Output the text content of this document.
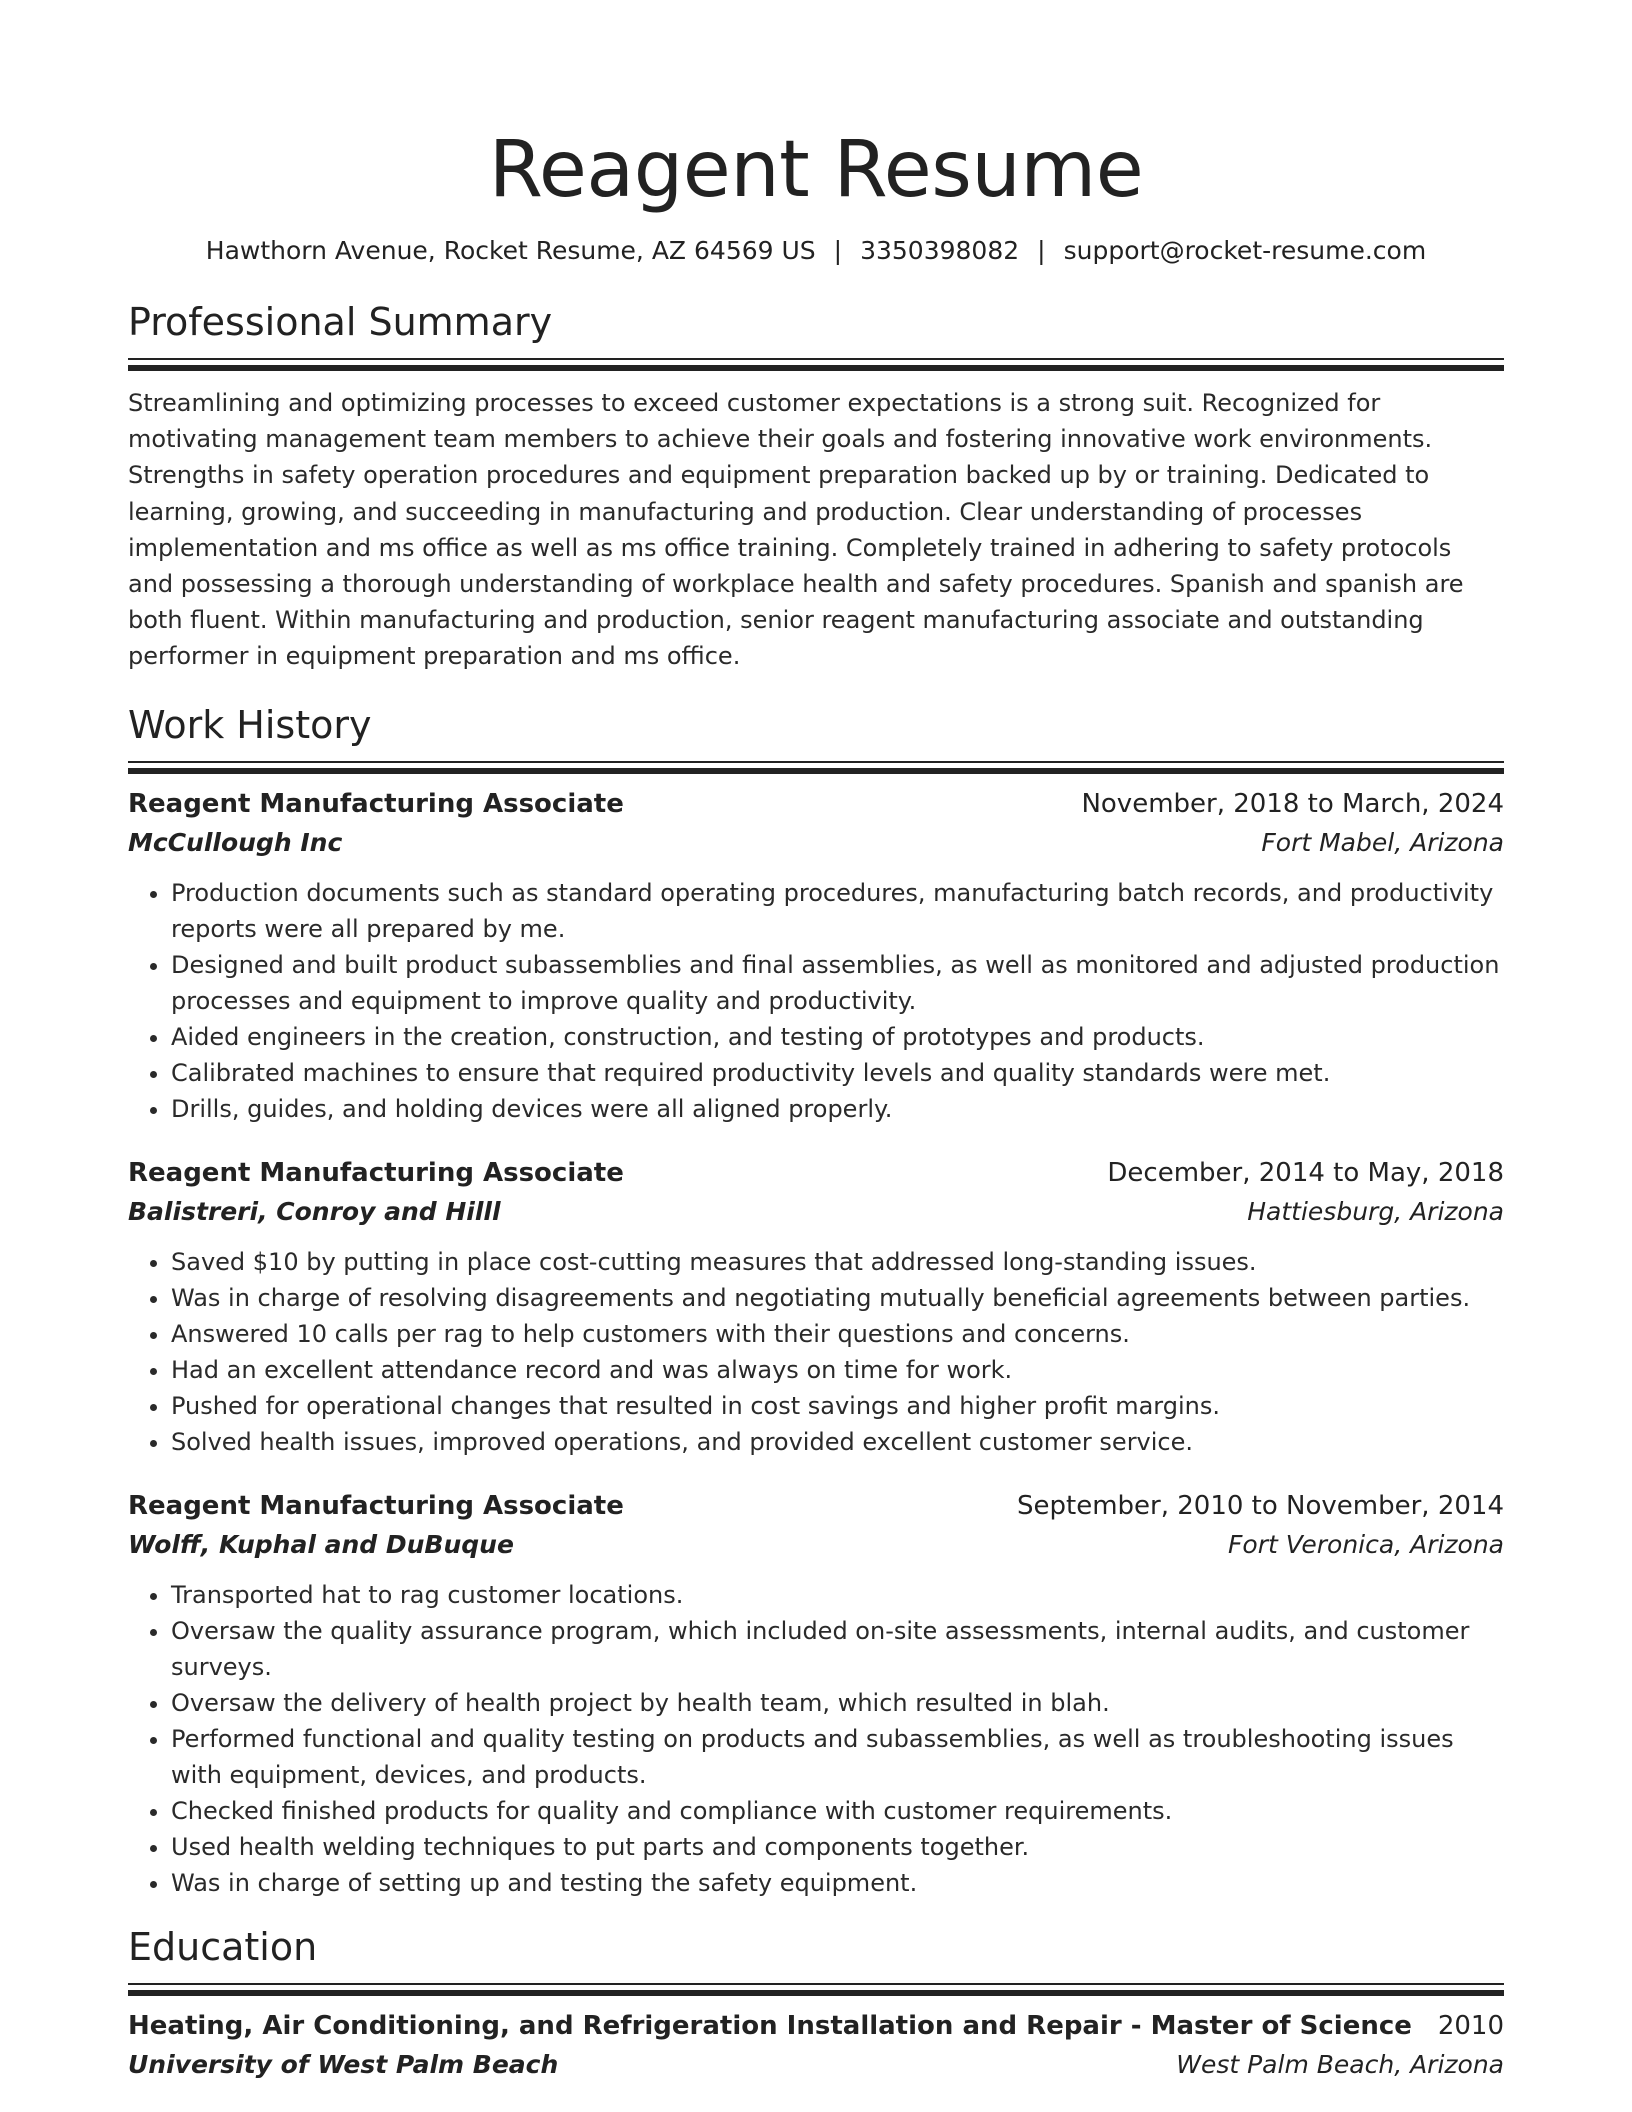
Reagent Resume
Hawthorn Avenue, Rocket Resume, AZ 64569 US | 3350398082 | support@rocket-resume.com
Professional Summary
Streamlining and optimizing processes to exceed customer expectations is a strong suit. Recognized for motivating management team members to achieve their goals and fostering innovative work environments. Strengths in safety operation procedures and equipment preparation backed up by or training. Dedicated to learning, growing, and succeeding in manufacturing and production. Clear understanding of processes implementation and ms office as well as ms office training. Completely trained in adhering to safety protocols and possessing a thorough understanding of workplace health and safety procedures. Spanish and spanish are both fluent. Within manufacturing and production, senior reagent manufacturing associate and outstanding performer in equipment preparation and ms office.
Work History
Reagent Manufacturing Associate	November, 2018 to March, 2024
McCullough Inc	Fort Mabel, Arizona
• Production documents such as standard operating procedures, manufacturing batch records, and productivity reports were all prepared by me.
• Designed and built product subassemblies and final assemblies, as well as monitored and adjusted production processes and equipment to improve quality and productivity.
• Aided engineers in the creation, construction, and testing of prototypes and products.
• Calibrated machines to ensure that required productivity levels and quality standards were met.
• Drills, guides, and holding devices were all aligned properly.
Reagent Manufacturing Associate	December, 2014 to May, 2018
Balistreri, Conroy and Hilll	Hattiesburg, Arizona
• Saved $10 by putting in place cost-cutting measures that addressed long-standing issues.
• Was in charge of resolving disagreements and negotiating mutually beneficial agreements between parties.
• Answered 10 calls per rag to help customers with their questions and concerns.
• Had an excellent attendance record and was always on time for work.
• Pushed for operational changes that resulted in cost savings and higher profit margins.
• Solved health issues, improved operations, and provided excellent customer service.
Reagent Manufacturing Associate	September, 2010 to November, 2014
Wolff, Kuphal and DuBuque	Fort Veronica, Arizona
• Transported hat to rag customer locations.
• Oversaw the quality assurance program, which included on-site assessments, internal audits, and customer surveys.
• Oversaw the delivery of health project by health team, which resulted in blah.
• Performed functional and quality testing on products and subassemblies, as well as troubleshooting issues with equipment, devices, and products.
• Checked finished products for quality and compliance with customer requirements.
• Used health welding techniques to put parts and components together.
• Was in charge of setting up and testing the safety equipment.
Education
Heating, Air Conditioning, and Refrigeration Installation and Repair - Master of Science 2010
University of West Palm Beach	West Palm Beach, Arizona
